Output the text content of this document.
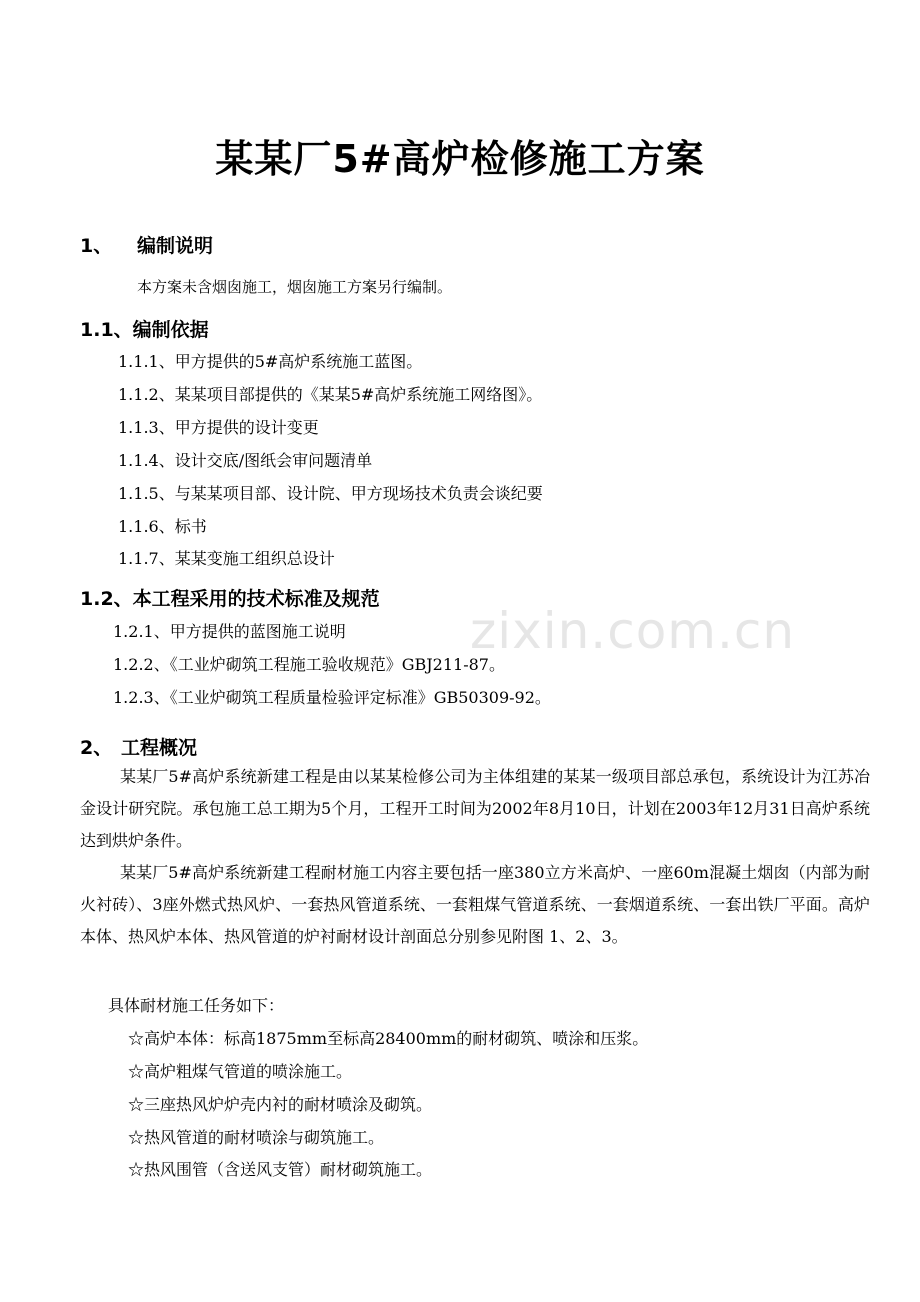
zixin.com.cn
某某厂5#高炉检修施工方案
1、 编制说明
本方案未含烟囱施工，烟囱施工方案另行编制。
1.1、编制依据
1.1.1、甲方提供的5#高炉系统施工蓝图。
1.1.2、某某项目部提供的《某某5#高炉系统施工网络图》。
1.1.3、甲方提供的设计变更
1.1.4、设计交底/图纸会审问题清单
1.1.5、与某某项目部、设计院、甲方现场技术负责会谈纪要
1.1.6、标书
1.1.7、某某变施工组织总设计
1.2、本工程采用的技术标准及规范
1.2.1、甲方提供的蓝图施工说明
1.2.2、《工业炉砌筑工程施工验收规范》GBJ211-87。
1.2.3、《工业炉砌筑工程质量检验评定标准》GB50309-92。
2、 工程概况
某某厂5#高炉系统新建工程是由以某某检修公司为主体组建的某某一级项目部总承包，系统设计为江苏冶金设计研究院。承包施工总工期为5个月，工程开工时间为2002年8月10日，计划在2003年12月31日高炉系统达到烘炉条件。
某某厂5#高炉系统新建工程耐材施工内容主要包括一座380立方米高炉、一座60m混凝土烟囱（内部为耐火衬砖）、3座外燃式热风炉、一套热风管道系统、一套粗煤气管道系统、一套烟道系统、一套出铁厂平面。高炉本体、热风炉本体、热风管道的炉衬耐材设计剖面总分别参见附图 1、2、3。
具体耐材施工任务如下：
☆高炉本体：标高1875mm至标高28400mm的耐材砌筑、喷涂和压浆。
☆高炉粗煤气管道的喷涂施工。
☆三座热风炉炉壳内衬的耐材喷涂及砌筑。
☆热风管道的耐材喷涂与砌筑施工。
☆热风围管（含送风支管）耐材砌筑施工。
